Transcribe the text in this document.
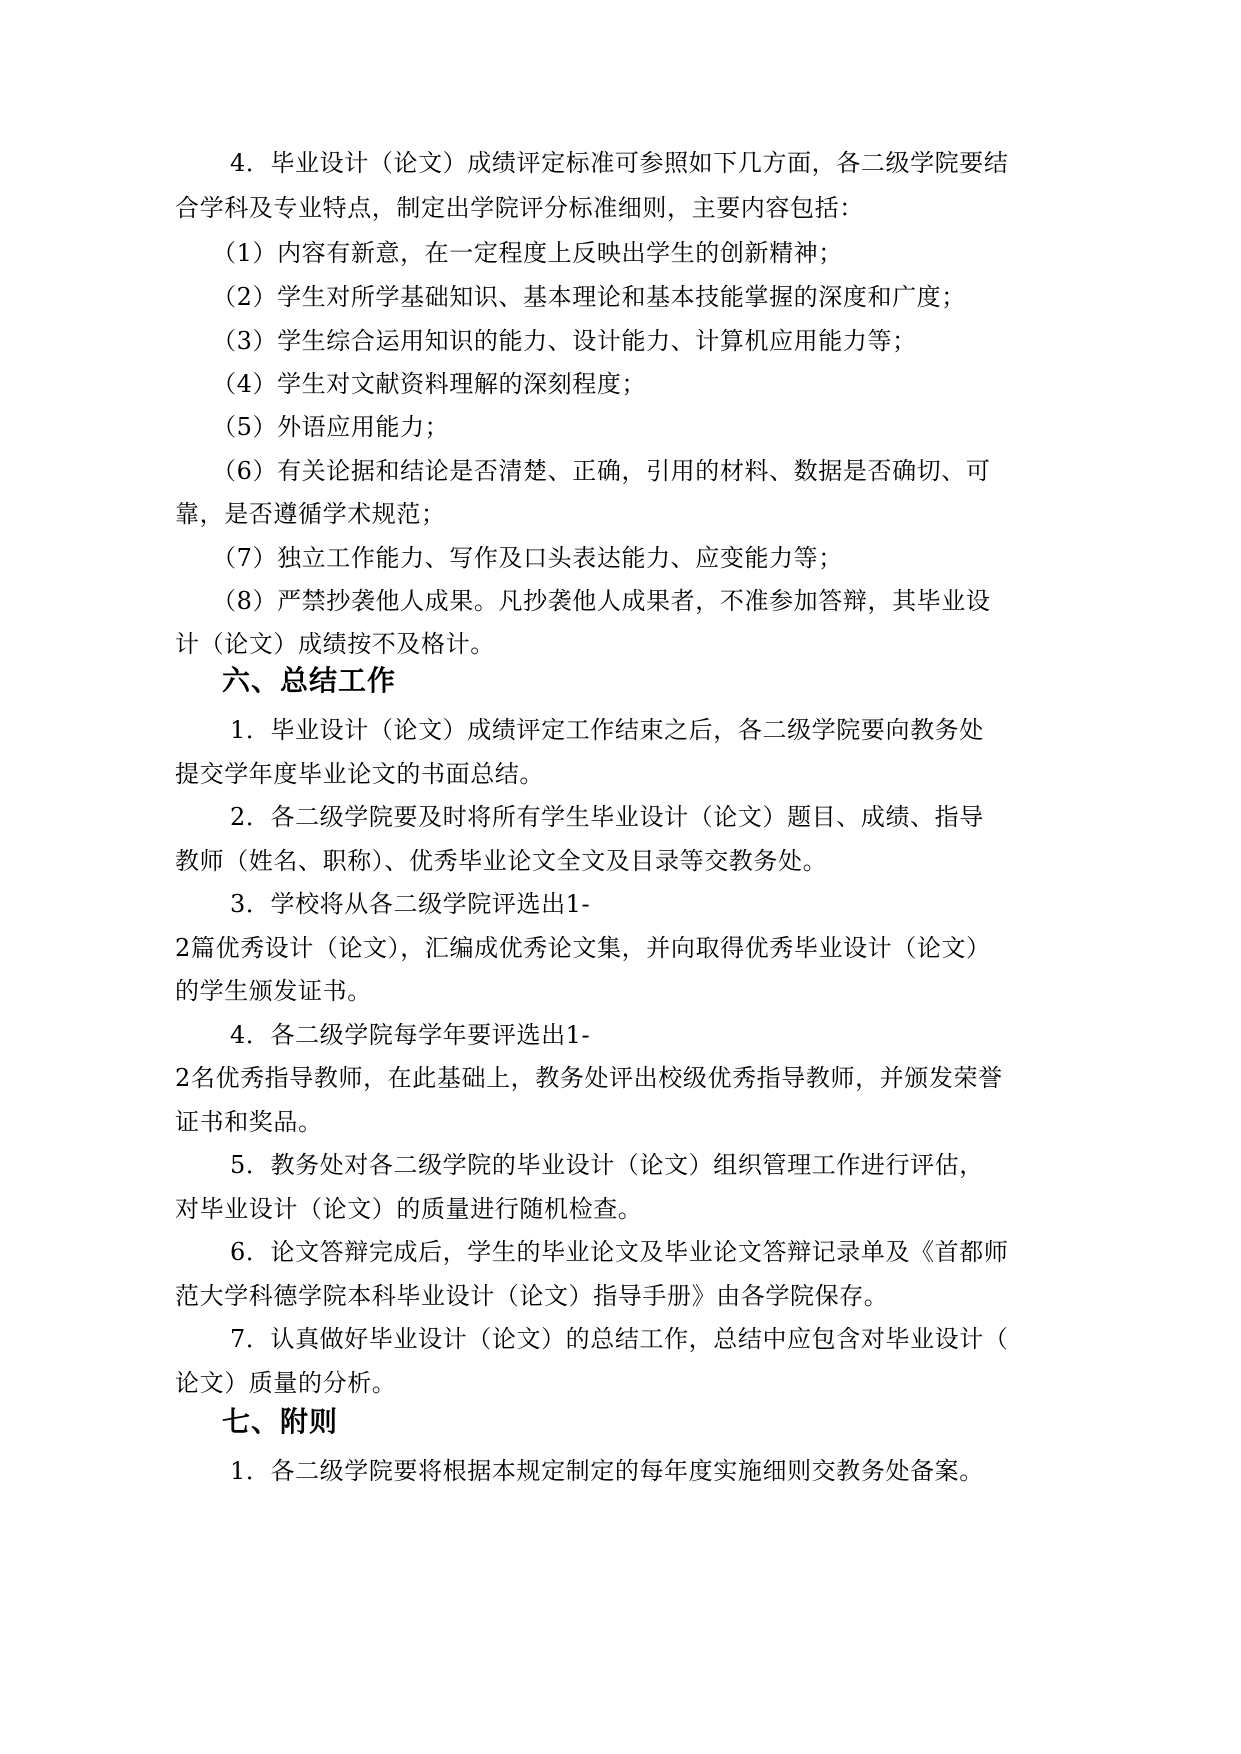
4．毕业设计（论文）成绩评定标准可参照如下几方面，各二级学院要结
合学科及专业特点，制定出学院评分标准细则，主要内容包括：
（1）内容有新意，在一定程度上反映出学生的创新精神；
（2）学生对所学基础知识、基本理论和基本技能掌握的深度和广度；
（3）学生综合运用知识的能力、设计能力、计算机应用能力等；
（4）学生对文献资料理解的深刻程度；
（5）外语应用能力；
（6）有关论据和结论是否清楚、正确，引用的材料、数据是否确切、可
靠，是否遵循学术规范；
（7）独立工作能力、写作及口头表达能力、应变能力等；
（8）严禁抄袭他人成果。凡抄袭他人成果者，不准参加答辩，其毕业设
计（论文）成绩按不及格计。
六、总结工作
1．毕业设计（论文）成绩评定工作结束之后，各二级学院要向教务处
提交学年度毕业论文的书面总结。
2．各二级学院要及时将所有学生毕业设计（论文）题目、成绩、指导
教师（姓名、职称）、优秀毕业论文全文及目录等交教务处。
3．学校将从各二级学院评选出1-
2篇优秀设计（论文），汇编成优秀论文集，并向取得优秀毕业设计（论文）
的学生颁发证书。
4．各二级学院每学年要评选出1-
2名优秀指导教师，在此基础上，教务处评出校级优秀指导教师，并颁发荣誉
证书和奖品。
5．教务处对各二级学院的毕业设计（论文）组织管理工作进行评估，
对毕业设计（论文）的质量进行随机检查。
6．论文答辩完成后，学生的毕业论文及毕业论文答辩记录单及《首都师
范大学科德学院本科毕业设计（论文）指导手册》由各学院保存。
7．认真做好毕业设计（论文）的总结工作，总结中应包含对毕业设计（
论文）质量的分析。
七、附则
1．各二级学院要将根据本规定制定的每年度实施细则交教务处备案。
